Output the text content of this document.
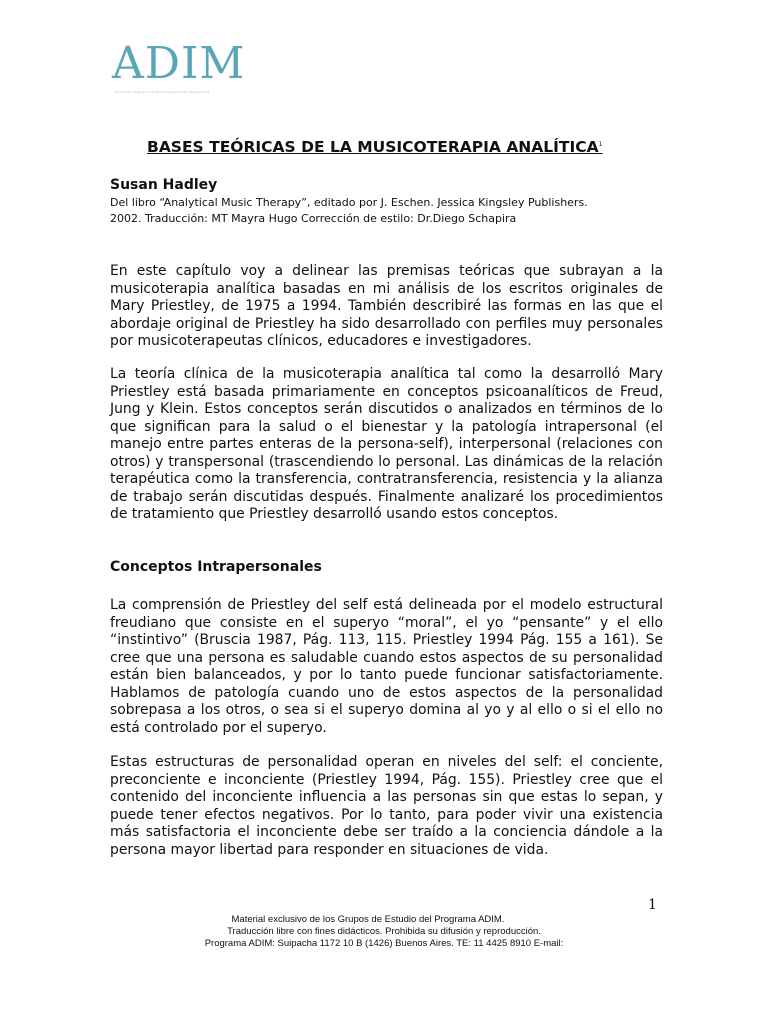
ADIM
Asociación Argentina de Musicoterapia Interdisciplinaria
BASES TEÓRICAS DE LA MUSICOTERAPIA ANALÍTICA$^1$
Susan Hadley
Del libro “Analytical Music Therapy”, editado por J. Eschen. Jessica Kingsley Publishers.
2002. Traducción: MT Mayra Hugo Corrección de estilo: Dr.Diego Schapira
En este capítulo voy a delinear las premisas teóricas que subrayan a la musicoterapia analítica basadas en mi análisis de los escritos originales de Mary Priestley, de 1975 a 1994. También describiré las formas en las que el abordaje original de Priestley ha sido desarrollado con perfiles muy personales por musicoterapeutas clínicos, educadores e investigadores.
La teoría clínica de la musicoterapia analítica tal como la desarrolló Mary Priestley está basada primariamente en conceptos psicoanalíticos de Freud, Jung y Klein. Estos conceptos serán discutidos o analizados en términos de lo que significan para la salud o el bienestar y la patología intrapersonal (el manejo entre partes enteras de la persona-self), interpersonal (relaciones con otros) y transpersonal (trascendiendo lo personal. Las dinámicas de la relación terapéutica como la transferencia, contratransferencia, resistencia y la alianza de trabajo serán discutidas después. Finalmente analizaré los procedimientos de tratamiento que Priestley desarrolló usando estos conceptos.
Conceptos Intrapersonales
La comprensión de Priestley del self está delineada por el modelo estructural freudiano que consiste en el superyo “moral”, el yo “pensante” y el ello “instintivo” (Bruscia 1987, Pág. 113, 115. Priestley 1994 Pág. 155 a 161). Se cree que una persona es saludable cuando estos aspectos de su personalidad están bien balanceados, y por lo tanto puede funcionar satisfactoriamente. Hablamos de patología cuando uno de estos aspectos de la personalidad sobrepasa a los otros, o sea si el superyo domina al yo y al ello o si el ello no está controlado por el superyo.
Estas estructuras de personalidad operan en niveles del self: el conciente, preconciente e inconciente (Priestley 1994, Pág. 155). Priestley cree que el contenido del inconciente influencia a las personas sin que estas lo sepan, y puede tener efectos negativos. Por lo tanto, para poder vivir una existencia más satisfactoria el inconciente debe ser traído a la conciencia dándole a la persona mayor libertad para responder en situaciones de vida.
1
Material exclusivo de los Grupos de Estudio del Programa ADIM.
Traducción libre con fines didácticos. Prohibida su difusión y reproducción.
Programa ADIM: Suipacha 1172 10 B (1426) Buenos Aires. TE: 11 4425 8910 E-mail:
